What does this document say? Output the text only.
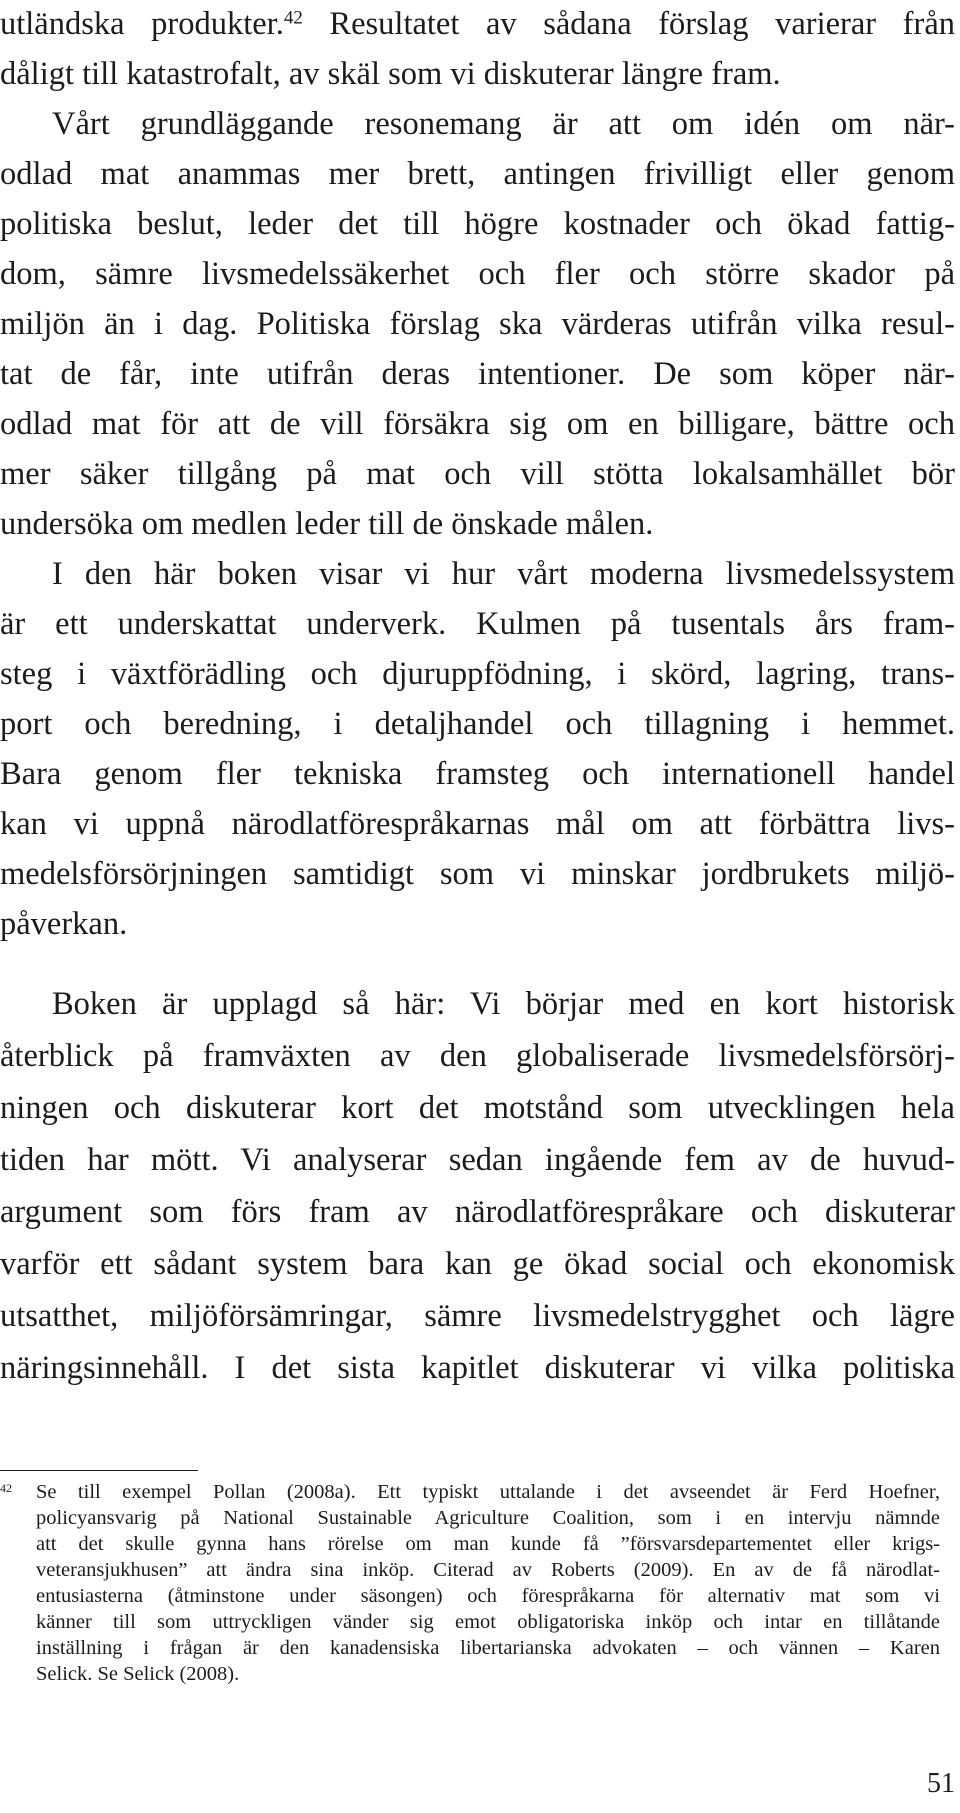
utländska produkter.$^{42}$ Resultatet av sådana förslag varierar från
dåligt till katastrofalt, av skäl som vi diskuterar längre fram.
Vårt grundläggande resonemang är att om idén om när-
odlad mat anammas mer brett, antingen frivilligt eller genom
politiska beslut, leder det till högre kostnader och ökad fattig-
dom, sämre livsmedelssäkerhet och fler och större skador på
miljön än i dag. Politiska förslag ska värderas utifrån vilka resul-
tat de får, inte utifrån deras intentioner. De som köper när-
odlad mat för att de vill försäkra sig om en billigare, bättre och
mer säker tillgång på mat och vill stötta lokalsamhället bör
undersöka om medlen leder till de önskade målen.
I den här boken visar vi hur vårt moderna livsmedelssystem
är ett underskattat underverk. Kulmen på tusentals års fram-
steg i växtförädling och djuruppfödning, i skörd, lagring, trans-
port och beredning, i detaljhandel och tillagning i hemmet.
Bara genom fler tekniska framsteg och internationell handel
kan vi uppnå närodlatförespråkarnas mål om att förbättra livs-
medelsförsörjningen samtidigt som vi minskar jordbrukets miljö-
påverkan.
Boken är upplagd så här: Vi börjar med en kort historisk
återblick på framväxten av den globaliserade livsmedelsförsörj-
ningen och diskuterar kort det motstånd som utvecklingen hela
tiden har mött. Vi analyserar sedan ingående fem av de huvud-
argument som förs fram av närodlatförespråkare och diskuterar
varför ett sådant system bara kan ge ökad social och ekonomisk
utsatthet, miljöförsämringar, sämre livsmedelstrygghet och lägre
näringsinnehåll. I det sista kapitlet diskuterar vi vilka politiska
42 Se till exempel Pollan (2008a). Ett typiskt uttalande i det avseendet är Ferd Hoefner,
policyansvarig på National Sustainable Agriculture Coalition, som i en intervju nämnde
att det skulle gynna hans rörelse om man kunde få ”försvarsdepartementet eller krigs-
veteransjukhusen” att ändra sina inköp. Citerad av Roberts (2009). En av de få närodlat-
entusiasterna (åtminstone under säsongen) och förespråkarna för alternativ mat som vi
känner till som uttryckligen vänder sig emot obligatoriska inköp och intar en tillåtande
inställning i frågan är den kanadensiska libertarianska advokaten – och vännen – Karen
Selick. Se Selick (2008).
51
